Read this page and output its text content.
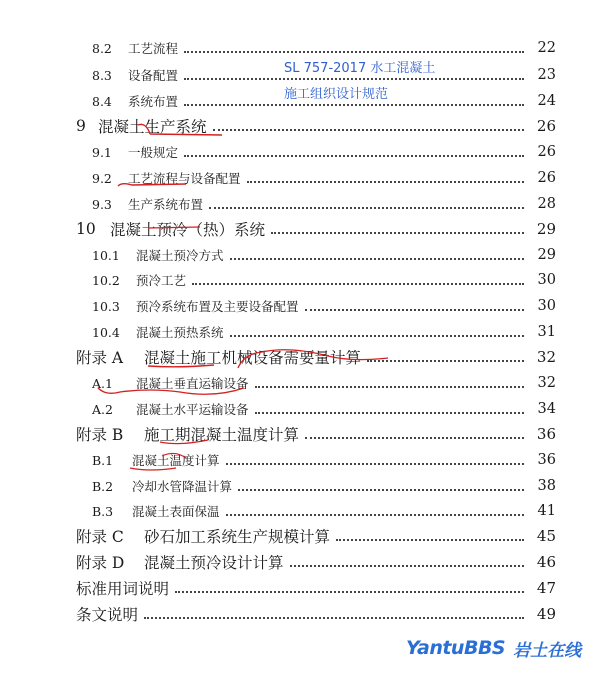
8.2	工艺流程	22
8.3	设备配置	23
8.4	系统布置	24
9 混凝土生产系统	26
9.1	一般规定	26
9.2	工艺流程与设备配置	26
9.3	生产系统布置	28
10 混凝土预冷（热）系统	29
10.1	混凝土预冷方式	29
10.2	预冷工艺	30
10.3	预冷系统布置及主要设备配置	30
10.4	混凝土预热系统	31
附录 A	混凝土施工机械设备需要量计算	32
A.1	混凝土垂直运输设备	32
A.2	混凝土水平运输设备	34
附录 B	施工期混凝土温度计算	36
B.1	混凝土温度计算	36
B.2	冷却水管降温计算	38
B.3	混凝土表面保温	41
附录 C	砂石加工系统生产规模计算	45
附录 D	混凝土预冷设计计算	46
标准用词说明	47
条文说明	49
SL 757-2017 水工混凝土
施工组织设计规范
YantuBBS 岩土在线
